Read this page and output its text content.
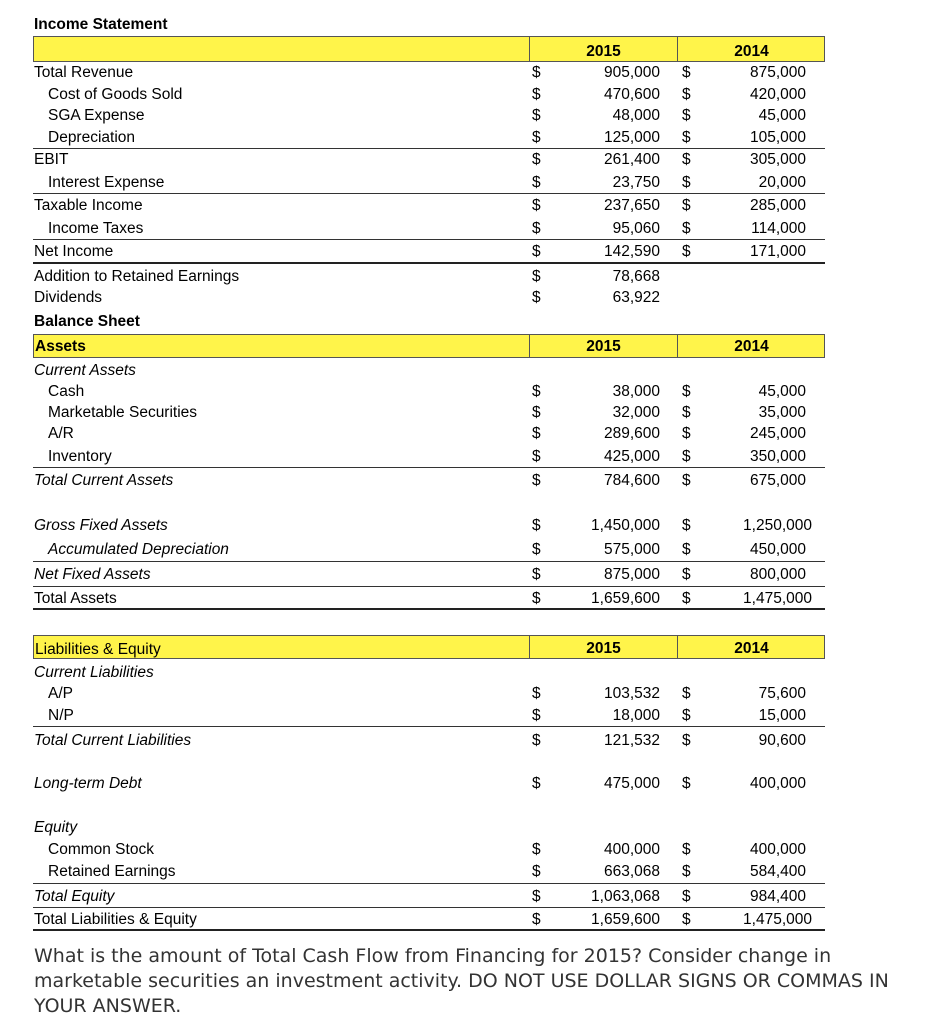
Income Statement
2015	2014
Total Revenue	$	905,000 $	875,000
Cost of Goods Sold	$	470,600 $	420,000
SGA Expense	$	48,000 $	45,000
Depreciation	$	125,000 $	105,000
EBIT	$	261,400 $	305,000
Interest Expense	$	23,750 $	20,000
Taxable Income	$	237,650 $	285,000
Income Taxes	$	95,060 $	114,000
Net Income	$	142,590 $	171,000
Addition to Retained Earnings	$	78,668
Dividends	$	63,922
Balance Sheet
Assets	2015	2014
Current Assets
Cash	$	38,000 $	45,000
Marketable Securities	$	32,000 $	35,000
A/R	$	289,600 $	245,000
Inventory	$	425,000 $	350,000
Total Current Assets	$	784,600 $	675,000
Gross Fixed Assets	$	1,450,000 $	1,250,000
Accumulated Depreciation	$	575,000 $	450,000
Net Fixed Assets	$	875,000 $	800,000
Total Assets	$	1,659,600 $	1,475,000
Liabilities & Equity	2015	2014
Current Liabilities
A/P	$	103,532 $	75,600
N/P	$	18,000 $	15,000
Total Current Liabilities	$	121,532 $	90,600
Long-term Debt	$	475,000 $	400,000
Equity
Common Stock	$	400,000 $	400,000
Retained Earnings	$	663,068 $	584,400
Total Equity	$	1,063,068 $	984,400
Total Liabilities & Equity	$	1,659,600 $	1,475,000
What is the amount of Total Cash Flow from Financing for 2015? Consider change in marketable securities an investment activity. DO NOT USE DOLLAR SIGNS OR COMMAS IN YOUR ANSWER.
